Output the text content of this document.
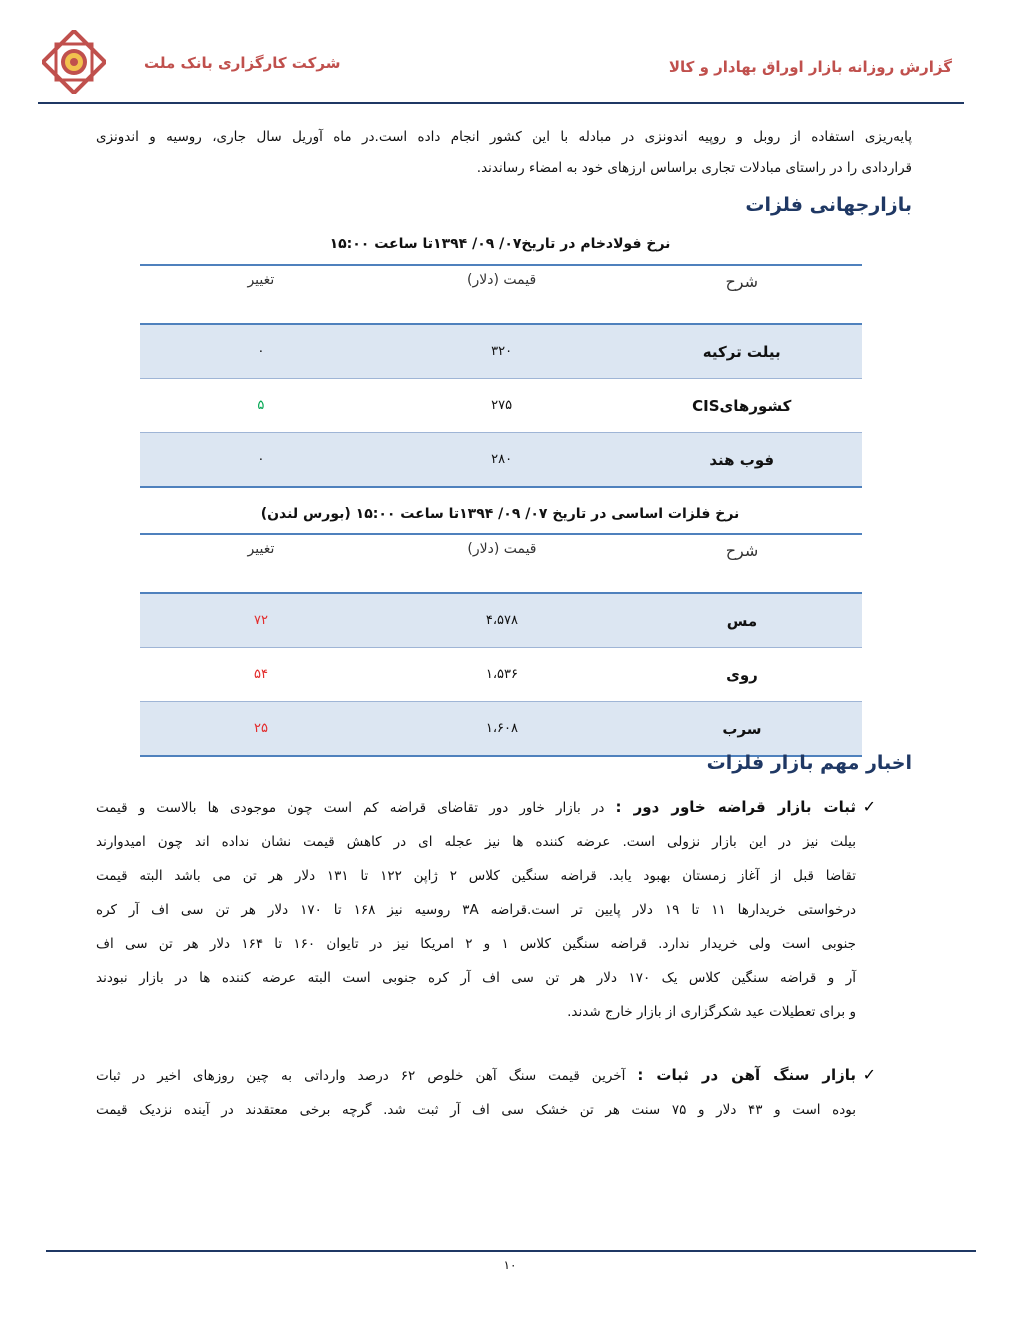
شرکت کارگزاری بانک ملت	گزارش روزانه بازار اوراق بهادار و کالا
پایه‌ریزی استفاده از روبل و روپیه اندونزی در مبادله با این کشور انجام داده است.در ماه آوریل سال جاری، روسیه و اندونزی
قراردادی را در راستای مبادلات تجاری براساس ارزهای خود به امضاء رساندند.
بازارجهانی فلزات
نرخ فولادخام در تاریخ۰۷/ ۰۹/ ۱۳۹۴تا ساعت ۱۵:۰۰
شرح	قیمت (دلار)	تغییر
بیلت ترکیه	۳۲۰	۰
کشورهایCIS	۲۷۵	۵
فوب هند	۲۸۰	۰
نرخ فلزات اساسی در تاریخ ۰۷/ ۰۹/ ۱۳۹۴تا ساعت ۱۵:۰۰ (بورس لندن)
شرح	قیمت (دلار)	تغییر
مس	۴،۵۷۸	۷۲
روی	۱،۵۳۶	۵۴
سرب	۱،۶۰۸	۲۵
اخبار مهم بازار فلزات
✓
ثبات بازار قراضه خاور دور : در بازار خاور دور تقاضای قراضه کم است چون موجودی ها بالاست و قیمت
بیلت نیز در این بازار نزولی است. عرضه کننده ها نیز عجله ای در کاهش قیمت نشان نداده اند چون امیدوارند
تقاضا قبل از آغاز زمستان بهبود یابد. قراضه سنگین کلاس ۲ ژاپن ۱۲۲ تا ۱۳۱ دلار هر تن می باشد البته قیمت
درخواستی خریدارها ۱۱ تا ۱۹ دلار پایین تر است.قراضه ۳A روسیه نیز ۱۶۸ تا ۱۷۰ دلار هر تن سی اف آر کره
جنوبی است ولی خریدار ندارد. قراضه سنگین کلاس ۱ و ۲ امریکا نیز در تایوان ۱۶۰ تا ۱۶۴ دلار هر تن سی اف
آر و قراضه سنگین کلاس یک ۱۷۰ دلار هر تن سی اف آر کره جنوبی است البته عرضه کننده ها در بازار نبودند
و برای تعطیلات عید شکرگزاری از بازار خارج شدند.
✓
بازار سنگ آهن در ثبات : آخرین قیمت سنگ آهن خلوص ۶۲ درصد وارداتی به چین روزهای اخیر در ثبات
بوده است و ۴۳ دلار و ۷۵ سنت هر تن خشک سی اف آر ثبت شد. گرچه برخی معتقدند در آینده نزدیک قیمت
۱۰
